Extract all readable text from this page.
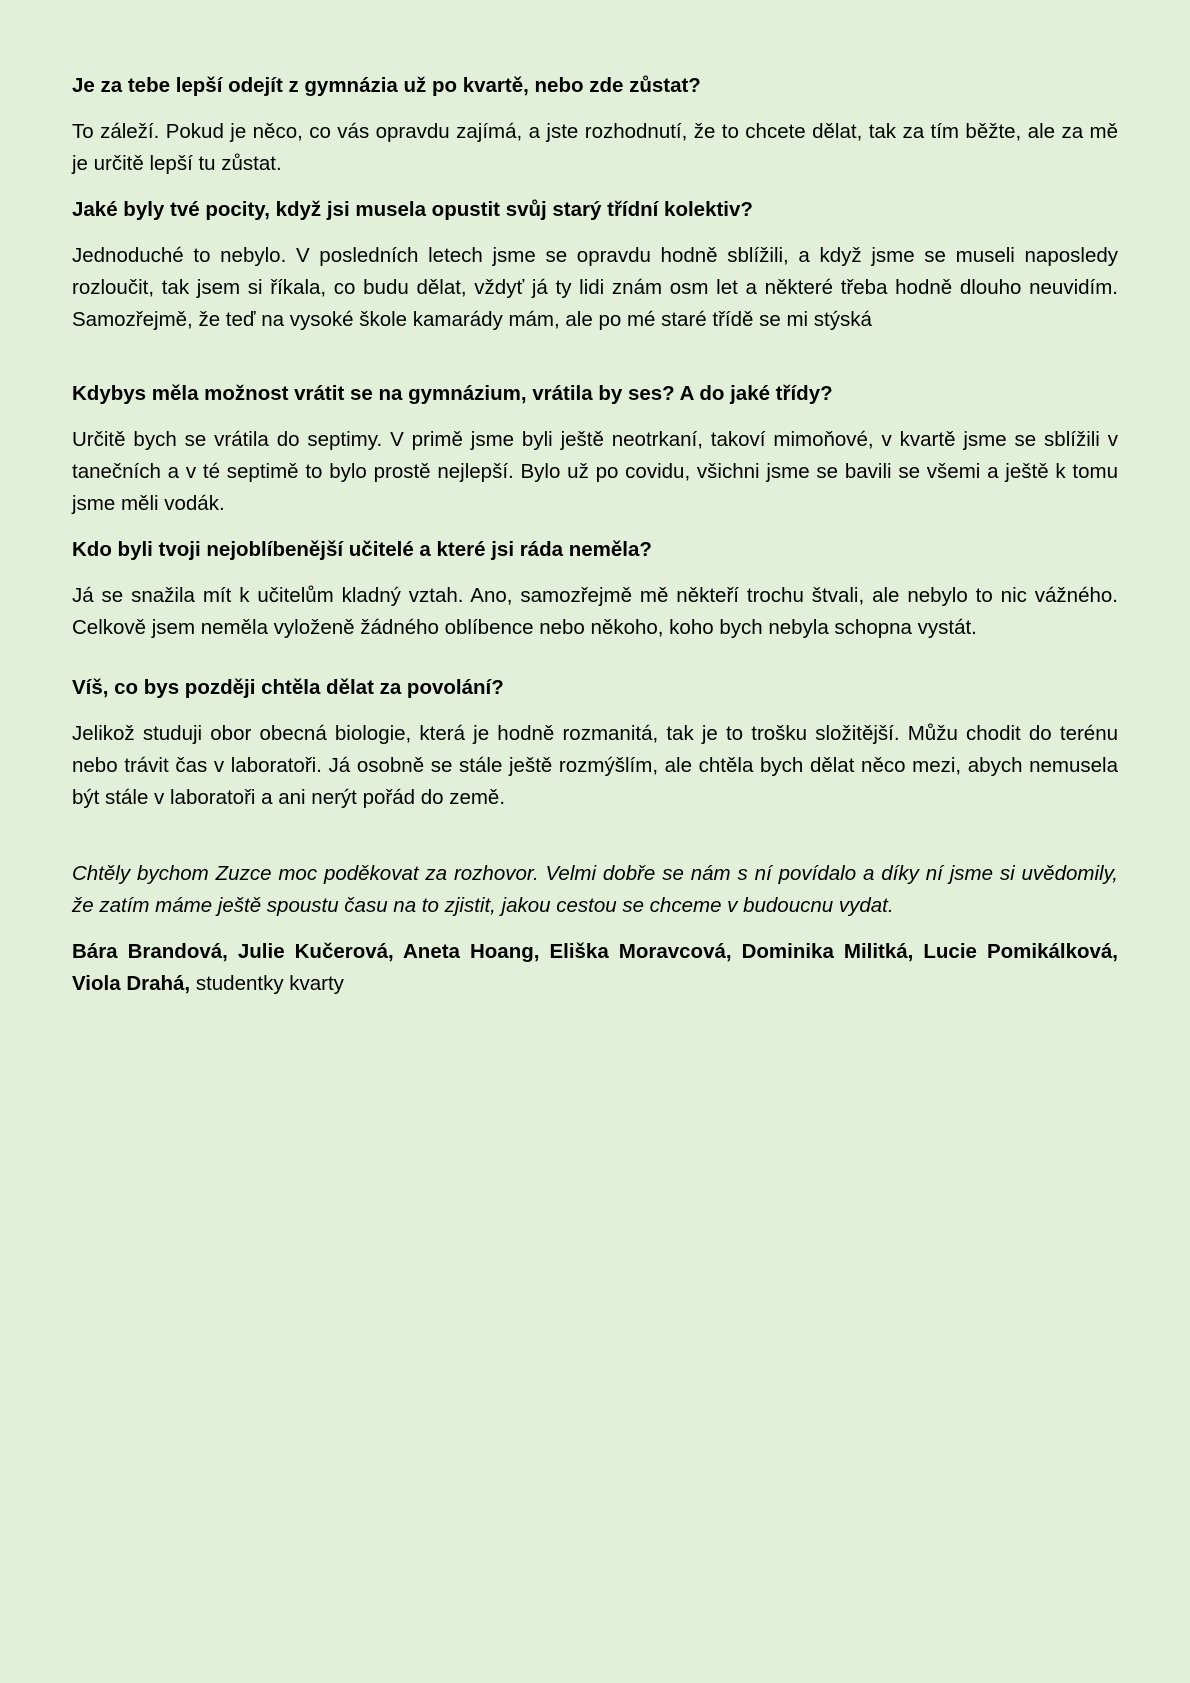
Je za tebe lepší odejít z gymnázia už po kvartě, nebo zde zůstat?

To záleží. Pokud je něco, co vás opravdu zajímá, a jste rozhodnutí, že to chcete dělat, tak za tím běžte, ale za mě je určitě lepší tu zůstat.

Jaké byly tvé pocity, když jsi musela opustit svůj starý třídní kolektiv?

Jednoduché to nebylo. V posledních letech jsme se opravdu hodně sblížili, a když jsme se museli naposledy rozloučit, tak jsem si říkala, co budu dělat, vždyť já ty lidi znám osm let a některé třeba hodně dlouho neuvidím. Samozřejmě, že teď na vysoké škole kamarády mám, ale po mé staré třídě se mi stýská

Kdybys měla možnost vrátit se na gymnázium, vrátila by ses? A do jaké třídy?

Určitě bych se vrátila do septimy. V primě jsme byli ještě neotrkaní, takoví mimoňové, v kvartě jsme se sblížili v tanečních a v té septimě to bylo prostě nejlepší. Bylo už po covidu, všichni jsme se bavili se všemi a ještě k tomu jsme měli vodák.

Kdo byli tvoji nejoblíbenější učitelé a které jsi ráda neměla?

Já se snažila mít k učitelům kladný vztah. Ano, samozřejmě mě někteří trochu štvali, ale nebylo to nic vážného. Celkově jsem neměla vyloženě žádného oblíbence nebo někoho, koho bych nebyla schopna vystát.

Víš, co bys později chtěla dělat za povolání?

Jelikož studuji obor obecná biologie, která je hodně rozmanitá, tak je to trošku složitější. Můžu chodit do terénu nebo trávit čas v laboratoři. Já osobně se stále ještě rozmýšlím, ale chtěla bych dělat něco mezi, abych nemusela být stále v laboratoři a ani nerýt pořád do země.

Chtěly bychom Zuzce moc poděkovat za rozhovor. Velmi dobře se nám s ní povídalo a díky ní jsme si uvědomily, že zatím máme ještě spoustu času na to zjistit, jakou cestou se chceme v budoucnu vydat.

Bára Brandová, Julie Kučerová, Aneta Hoang, Eliška Moravcová, Dominika Militká, Lucie Pomikálková, Viola Drahá, studentky kvarty
